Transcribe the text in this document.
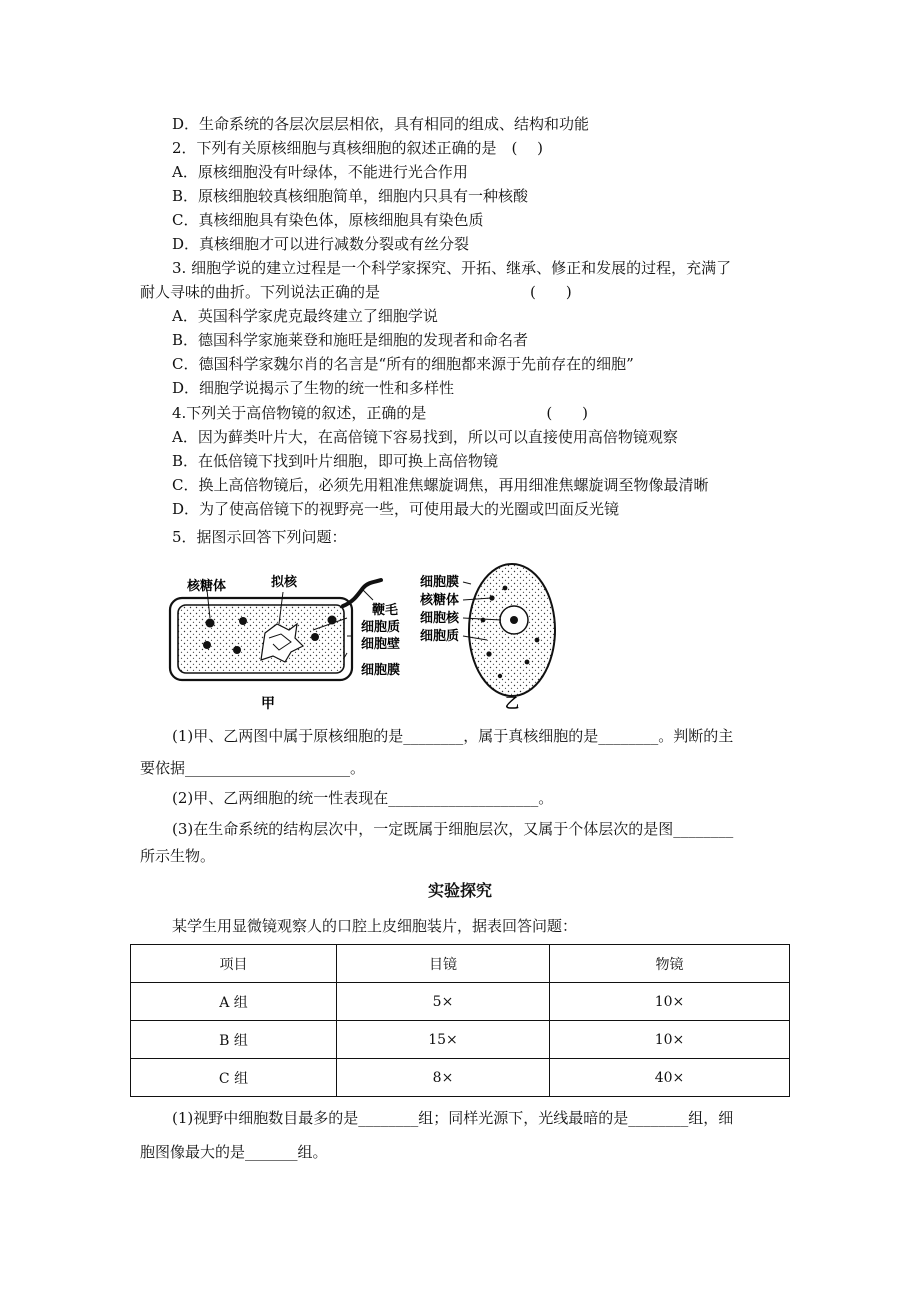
D．生命系统的各层次层层相依，具有相同的组成、结构和功能
2．下列有关原核细胞与真核细胞的叙述正确的是　(　 )
A．原核细胞没有叶绿体，不能进行光合作用
B．原核细胞较真核细胞简单，细胞内只具有一种核酸
C．真核细胞具有染色体，原核细胞具有染色质
D．真核细胞才可以进行减数分裂或有丝分裂
3. 细胞学说的建立过程是一个科学家探究、开拓、继承、修正和发展的过程，充满了
耐人寻味的曲折。下列说法正确的是　　　　　　　　　　(　　)
A．英国科学家虎克最终建立了细胞学说
B．德国科学家施莱登和施旺是细胞的发现者和命名者
C．德国科学家魏尔肖的名言是“所有的细胞都来源于先前存在的细胞”
D．细胞学说揭示了生物的统一性和多样性
4.下列关于高倍物镜的叙述，正确的是　　　　　　　　(　　)
A．因为藓类叶片大，在高倍镜下容易找到，所以可以直接使用高倍物镜观察
B．在低倍镜下找到叶片细胞，即可换上高倍物镜
C．换上高倍物镜后，必须先用粗准焦螺旋调焦，再用细准焦螺旋调至物像最清晰
D．为了使高倍镜下的视野亮一些，可使用最大的光圈或凹面反光镜
5．据图示回答下列问题：
核糖体	拟核
鞭毛
细胞质
细胞壁
细胞膜
甲
细胞膜
核糖体
细胞核
细胞质
乙
(1)甲、乙两图中属于原核细胞的是________，属于真核细胞的是________。判断的主
要依据______________________。
(2)甲、乙两细胞的统一性表现在____________________。
(3)在生命系统的结构层次中，一定既属于细胞层次，又属于个体层次的是图________
所示生物。
实验探究
某学生用显微镜观察人的口腔上皮细胞装片，据表回答问题：
项目	目镜	物镜
A 组	5×	10×
B 组	15×	10×
C 组	8×	40×
(1)视野中细胞数目最多的是________组；同样光源下，光线最暗的是________组，细
胞图像最大的是_______组。
